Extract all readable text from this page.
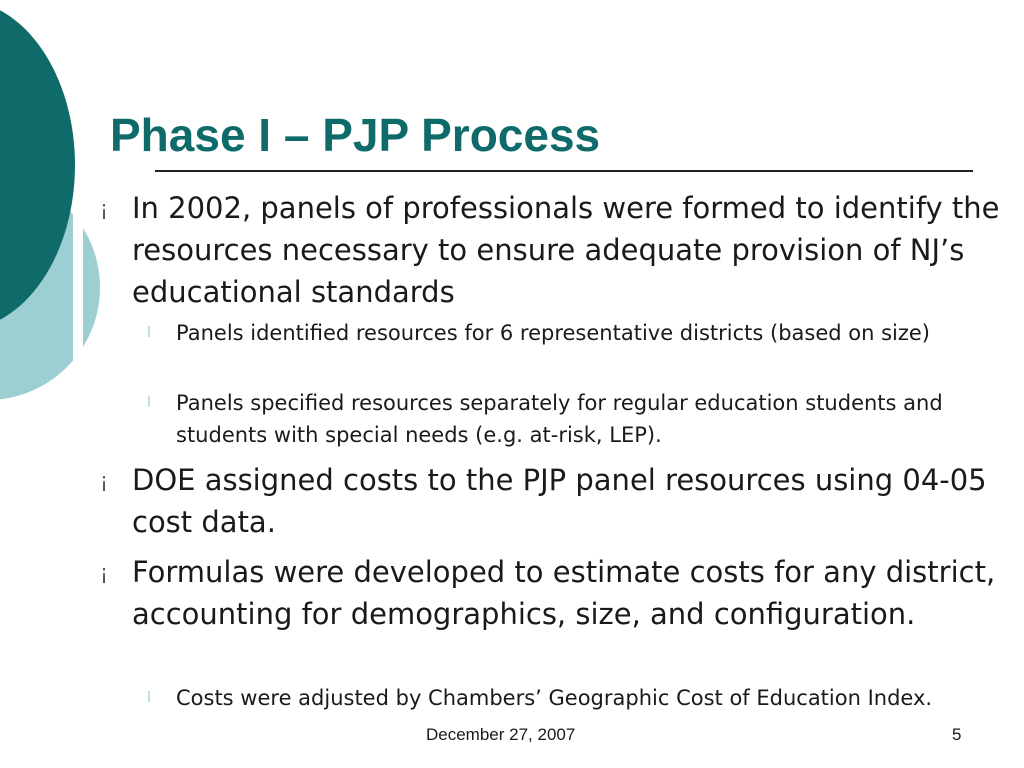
Phase I – PJP Process
¡ In 2002, panels of professionals were formed to identify the resources necessary to ensure adequate provision of NJ’s educational standards
l Panels identified resources for 6 representative districts (based on size)
l Panels specified resources separately for regular education students and students with special needs (e.g. at-risk, LEP).
¡ DOE assigned costs to the PJP panel resources using 04-05 cost data.
¡ Formulas were developed to estimate costs for any district, accounting for demographics, size, and configuration.
l Costs were adjusted by Chambers’ Geographic Cost of Education Index.
December 27, 2007	5
